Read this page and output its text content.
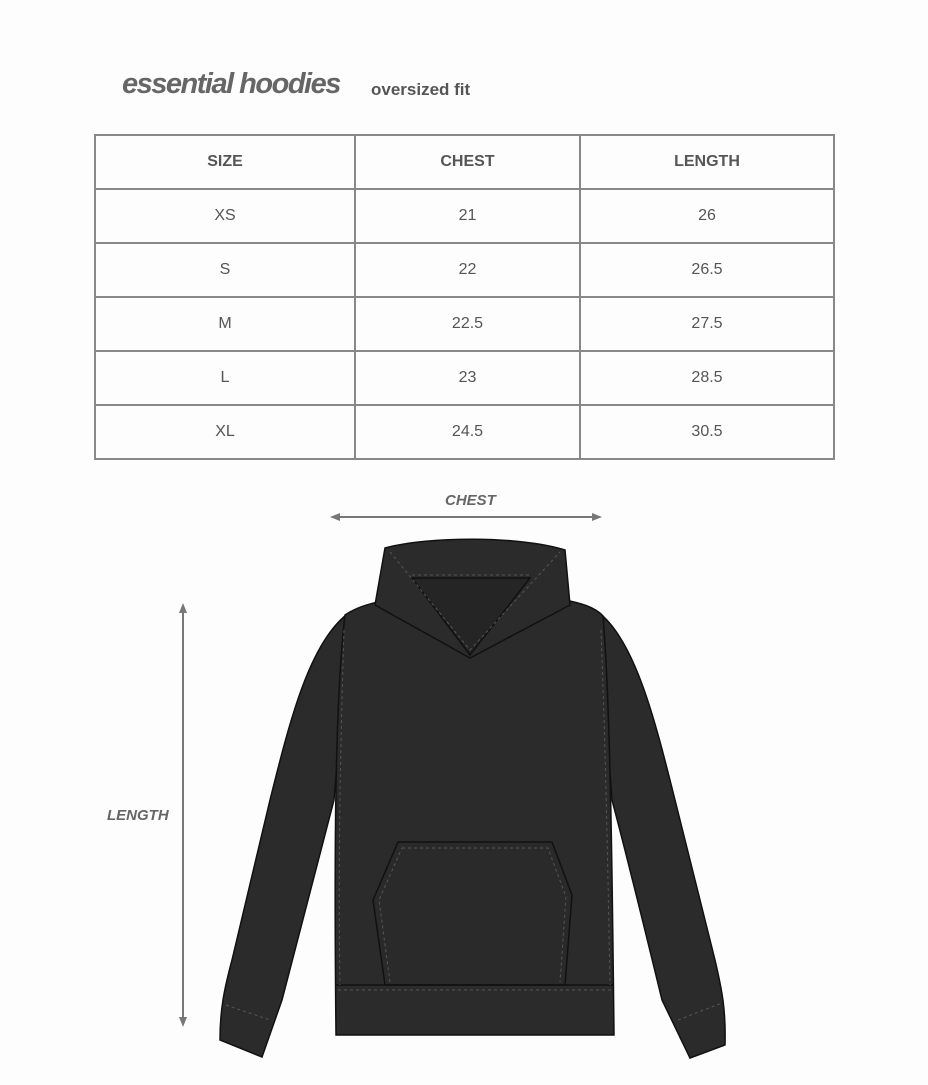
essential hoodies oversized fit
SIZE	CHEST	LENGTH
XS	21	26
S	22	26.5
M	22.5	27.5
L	23	28.5
XL	24.5	30.5
CHEST
LENGTH
